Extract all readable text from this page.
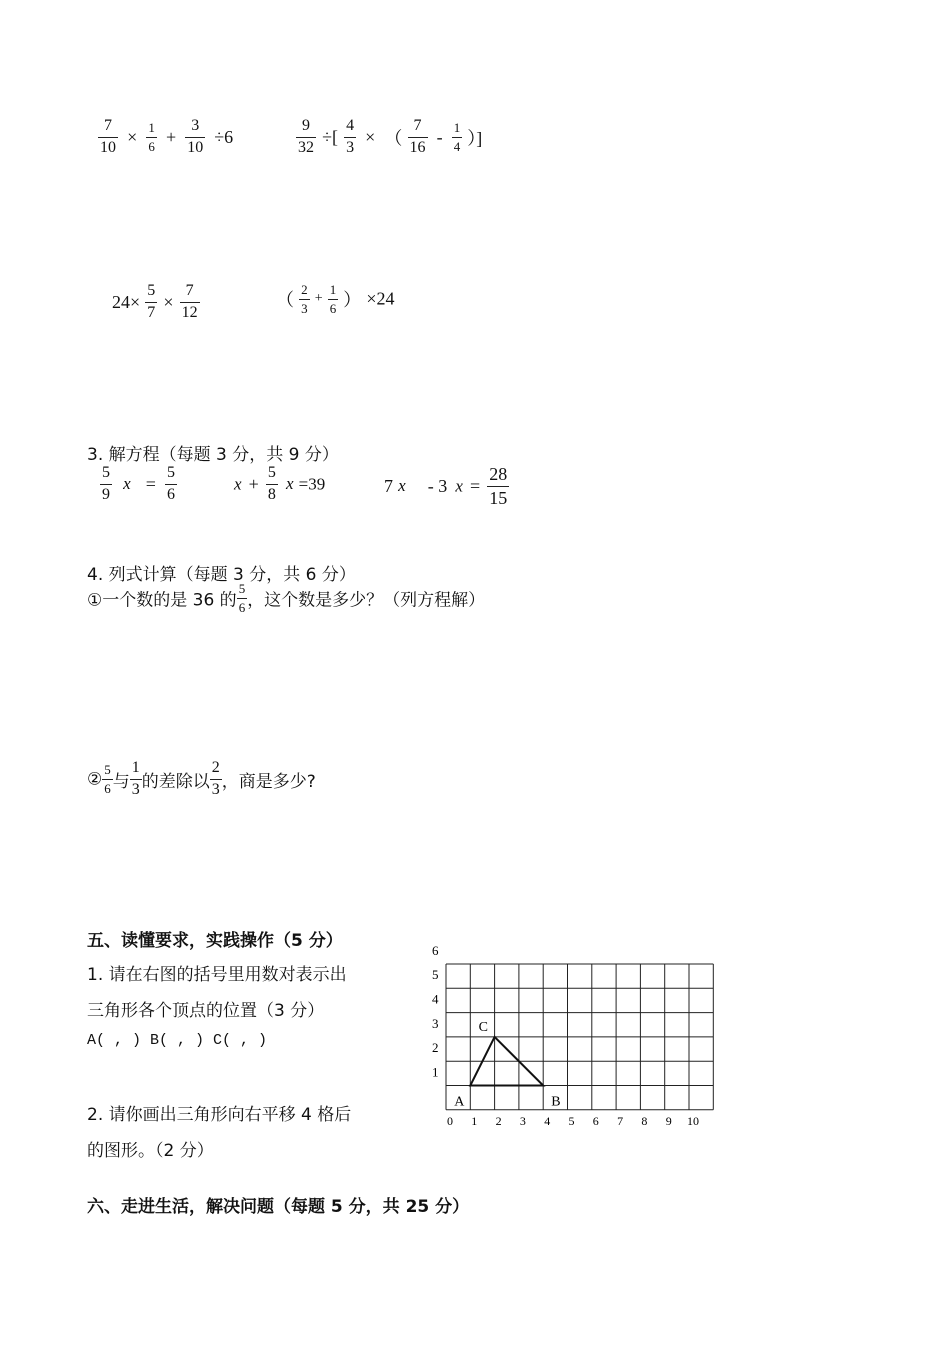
$\frac{7}{10} \times \frac{1}{6} + \frac{3}{10} \div 6$	$\frac{9}{32}$ ÷[ $\frac{4}{3}$ × （ $\frac{7}{16} - \frac{1}{4}$ ）]
$24\times \frac{5}{7} \times \frac{7}{12}$	（ $\frac{2}{3} + \frac{1}{6}$ ） ×24
3. 解方程（每题 3 分，共 9 分）
$\frac{5}{9}$ $x = \frac{5}{6}$	$x + \frac{5}{8}$ x =39	7 x - 3 $x = \frac{28}{15}$
4. 列式计算（每题 3 分，共 6 分）
①一个数的是 36 的 $\frac{5}{6}$ ，这个数是多少？（列方程解）
② $\frac{5}{6}$ 与 $\frac{1}{3}$ 的差除以 $\frac{2}{3}$ ，商是多少?
五、读懂要求，实践操作（5 分）
1. 请在右图的括号里用数对表示出
三角形各个顶点的位置（3 分）
A( , ) B( , ) C( , )
2. 请你画出三角形向右平移 4 格后
的图形。（2 分）
0 1 2 3 4 5 6 7 8 9 10
1
2
3
4
5
6
A	B
C
六、走进生活，解决问题（每题 5 分，共 25 分）
